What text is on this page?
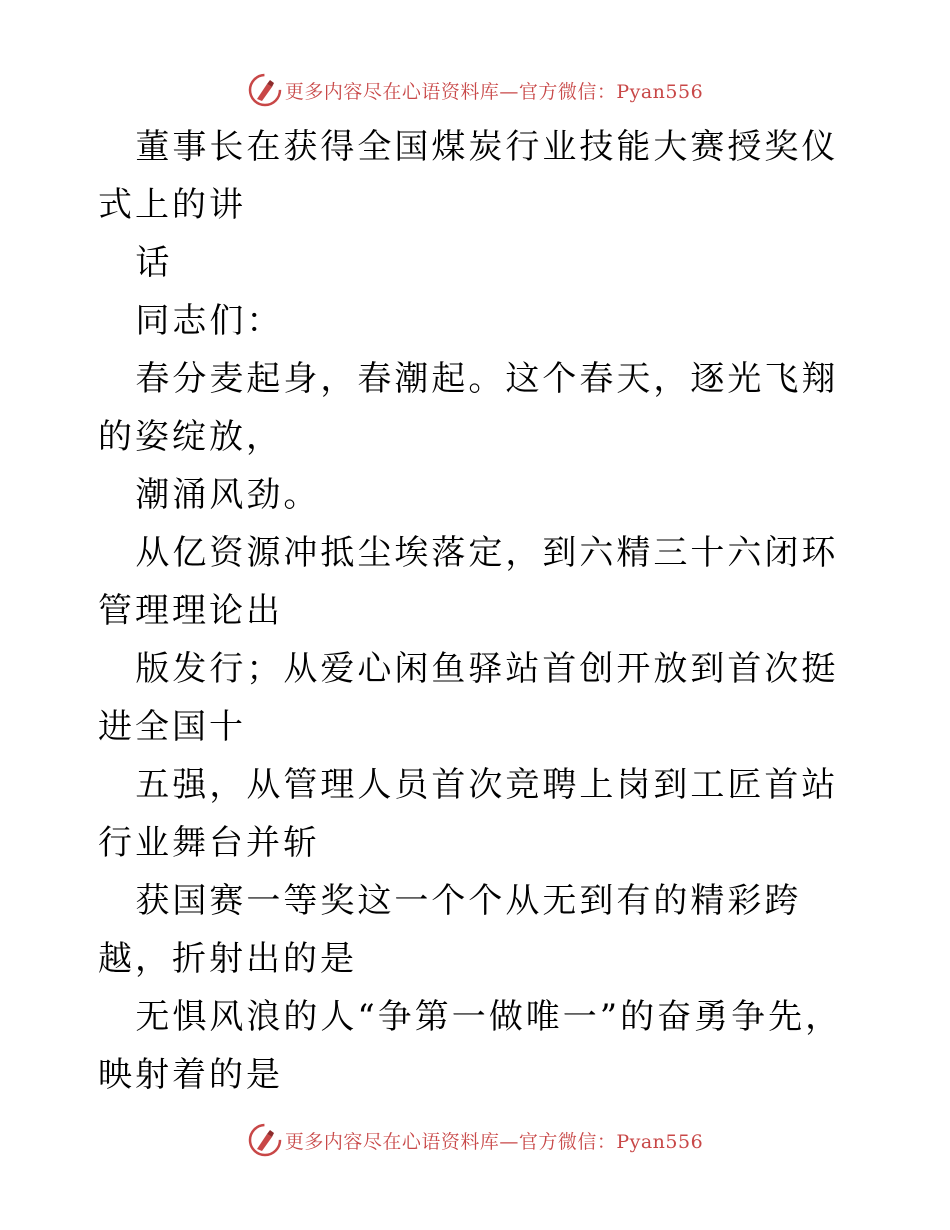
更多内容尽在心语资料库—官方微信：Pyan556

董事长在获得全国煤炭行业技能大赛授奖仪式上的讲

话

同志们：

春分麦起身，春潮起。这个春天，逐光飞翔的姿绽放，

潮涌风劲。

从亿资源冲抵尘埃落定，到六精三十六闭环管理理论出

版发行；从爱心闲鱼驿站首创开放到首次挺进全国十

五强，从管理人员首次竞聘上岗到工匠首站行业舞台并斩

获国赛一等奖这一个个从无到有的精彩跨越，折射出的是

无惧风浪的人“争第一做唯一”的奋勇争先，映射着的是

更多内容尽在心语资料库—官方微信：Pyan556
